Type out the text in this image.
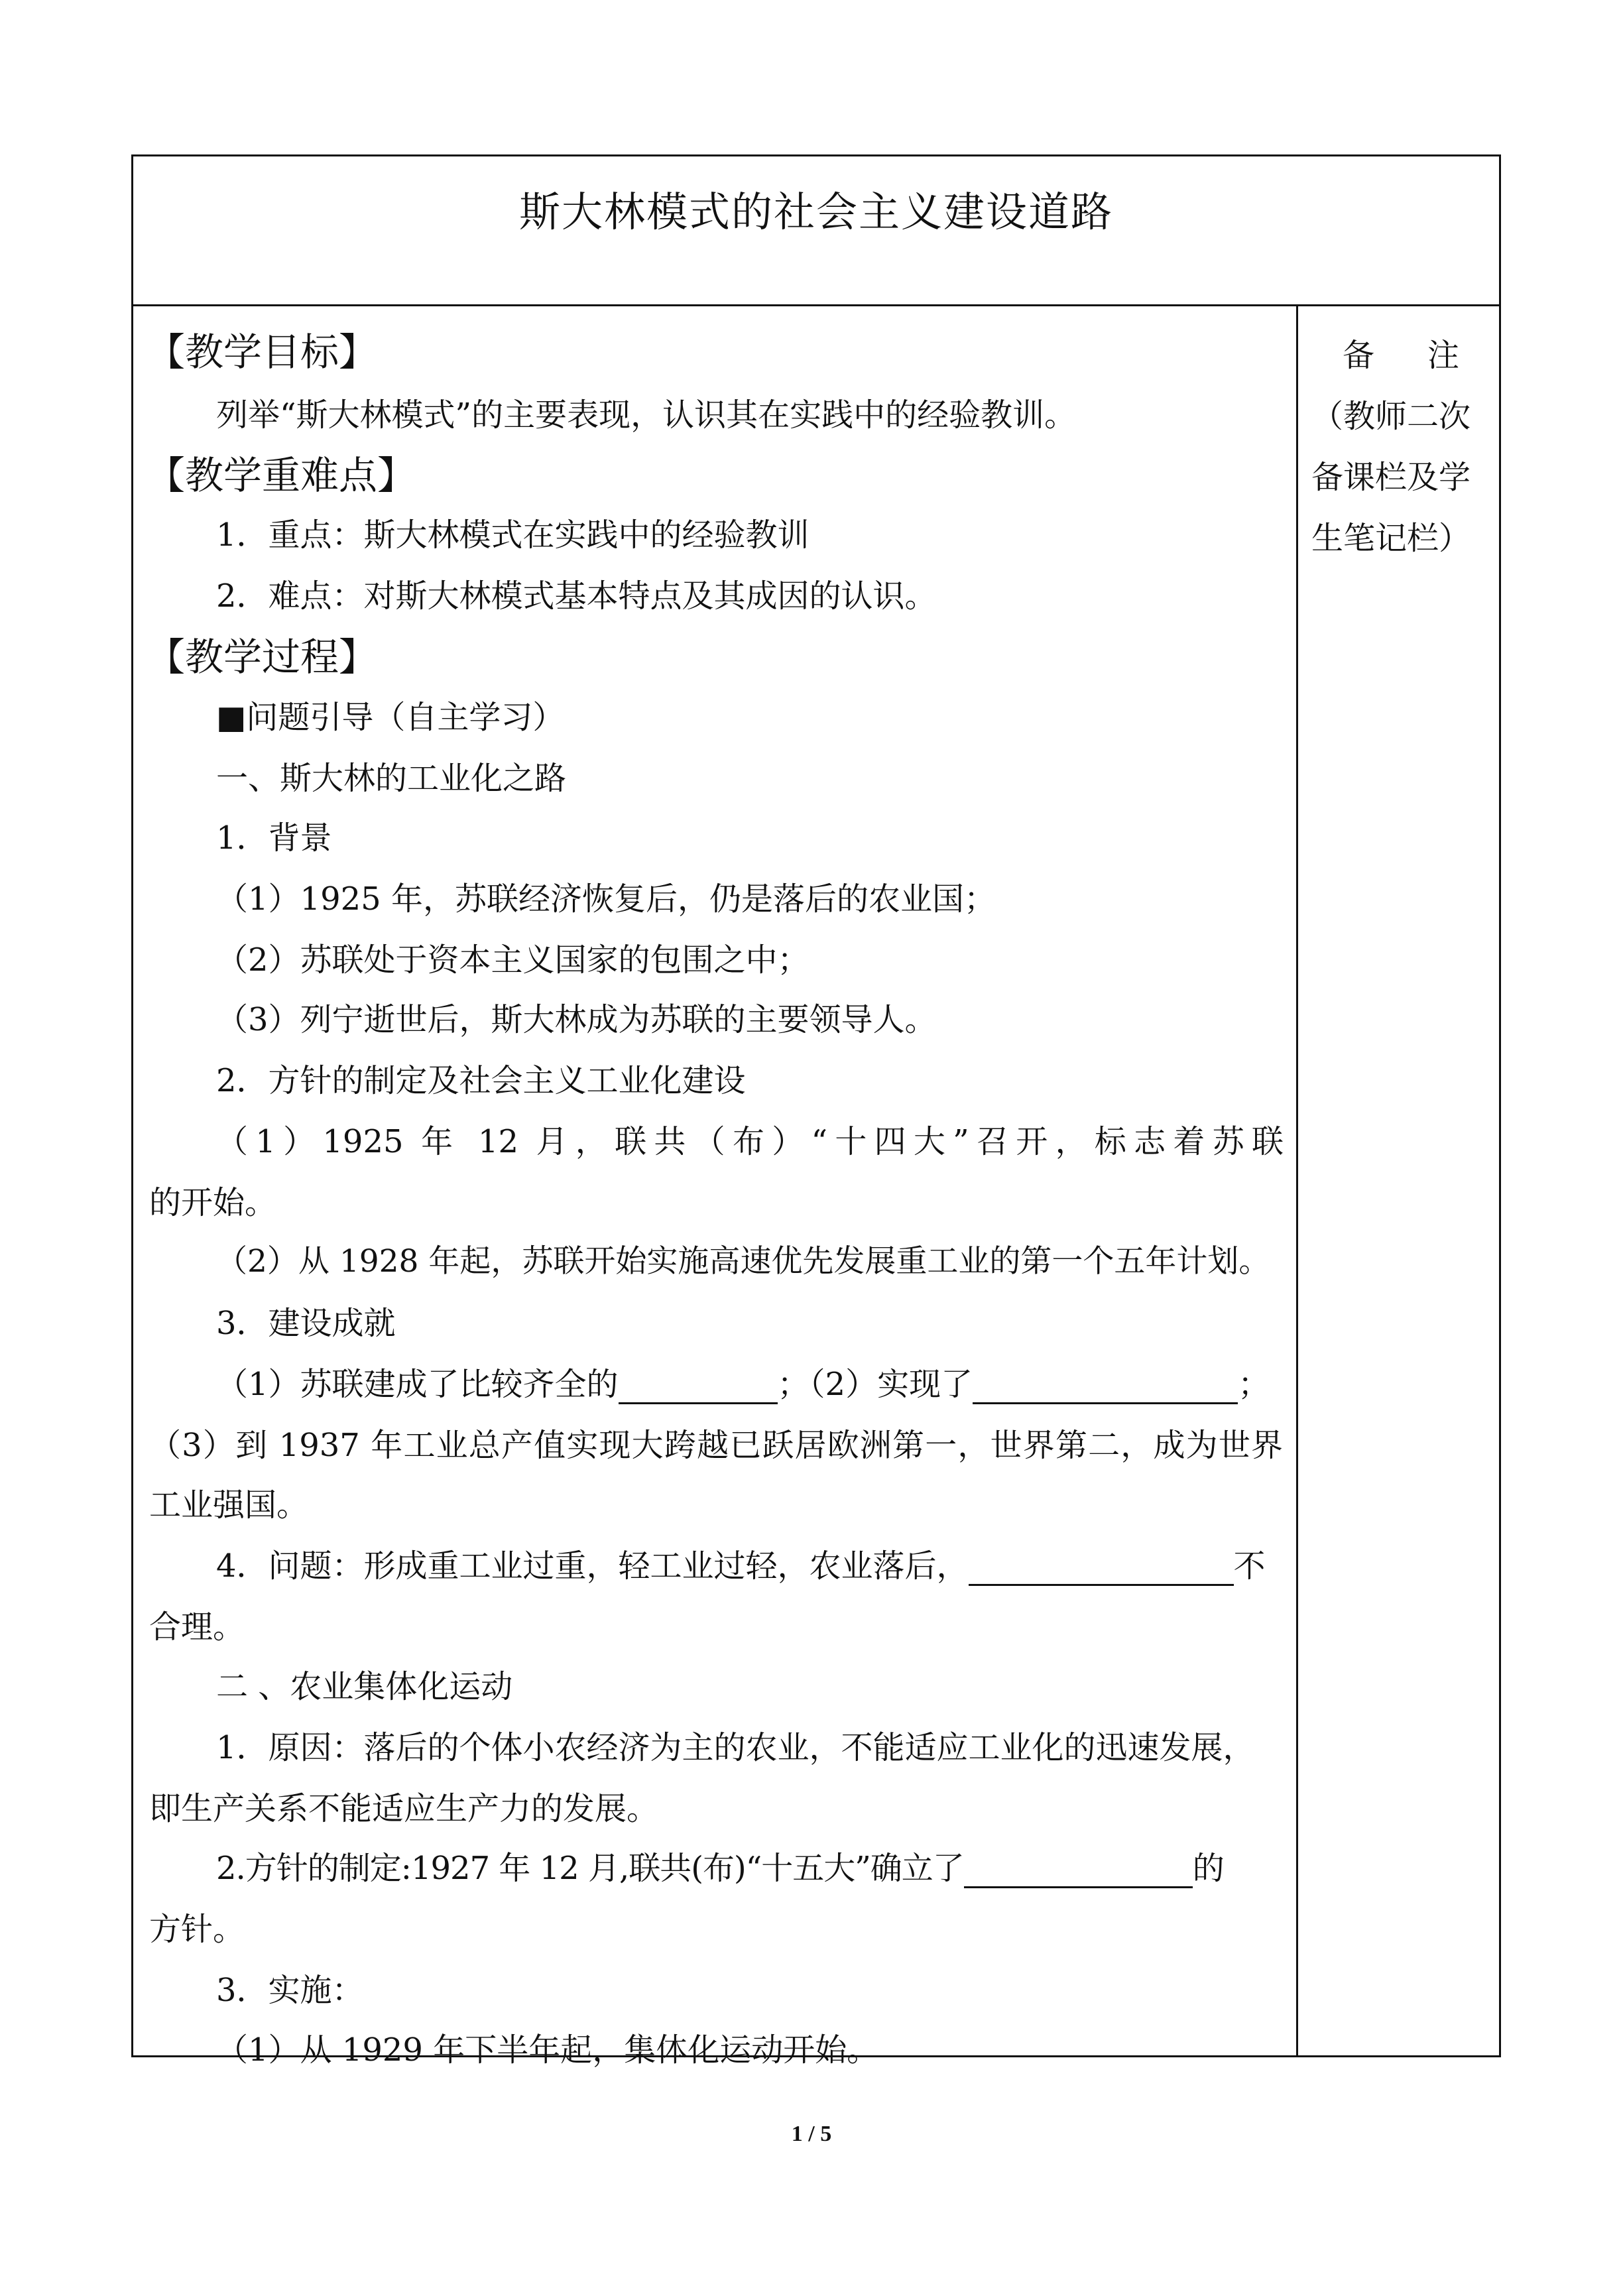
斯大林模式的社会主义建设道路
【教学目标】
列举“斯大林模式”的主要表现，认识其在实践中的经验教训。
【教学重难点】
1．重点：斯大林模式在实践中的经验教训
2．难点：对斯大林模式基本特点及其成因的认识。
【教学过程】
■问题引导（自主学习）
一、斯大林的工业化之路
1．背景
（1）1925 年，苏联经济恢复后，仍是落后的农业国；
（2）苏联处于资本主义国家的包围之中；
（3）列宁逝世后，斯大林成为苏联的主要领导人。
2．方针的制定及社会主义工业化建设
（1）1925 年 12 月，联共（布）“十四大”召开，标志着苏联
的开始。
（2）从 1928 年起，苏联开始实施高速优先发展重工业的第一个五年计划。
3．建设成就
（1）苏联建成了比较齐全的	；（2）实现了	；
（3）到 1937 年工业总产值实现大跨越已跃居欧洲第一，世界第二，成为世界
工业强国。
4．问题：形成重工业过重，轻工业过轻，农业落后，	不
合理。
二 、农业集体化运动
1．原因：落后的个体小农经济为主的农业，不能适应工业化的迅速发展，
即生产关系不能适应生产力的发展。
2.方针的制定:1927 年 12 月,联共(布)“十五大”确立了	的
方针。
3．实施：
（1）从 1929 年下半年起，集体化运动开始。
备 注
（教师二次
备课栏及学
生笔记栏）
1 / 5
